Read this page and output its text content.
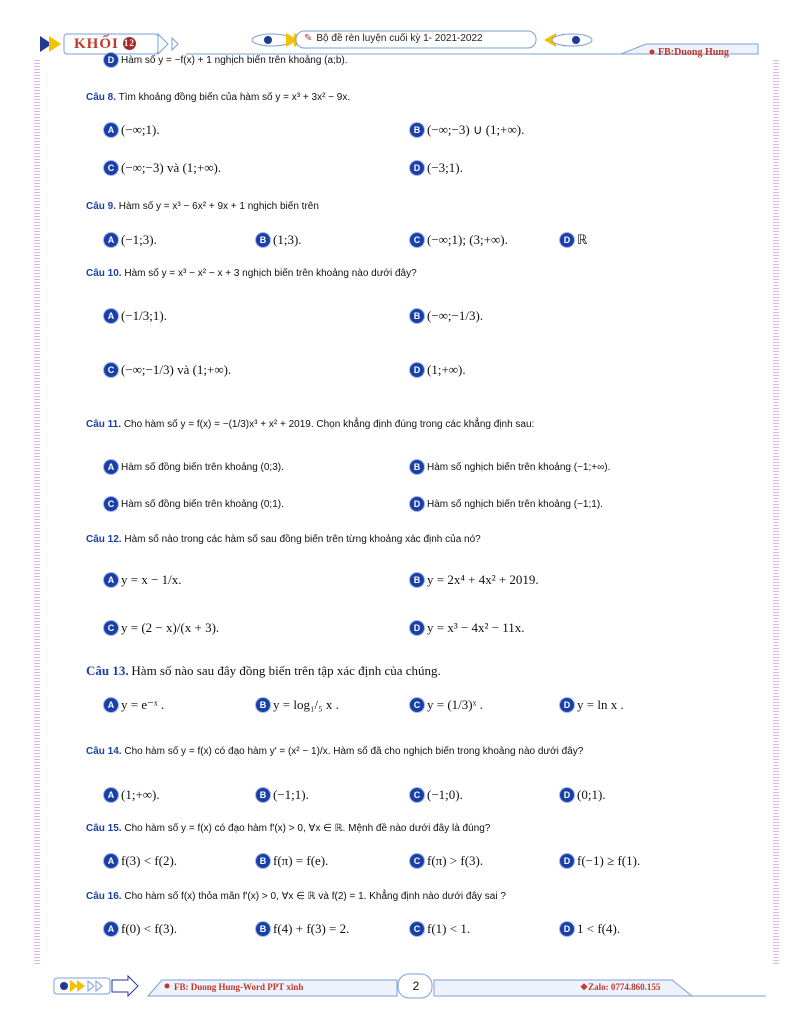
KHỐI 12	✎ Bộ đề rèn luyện cuối kỳ 1- 2021-2022
FB:Duong Hung
D Hàm số y = −f(x) + 1 nghịch biến trên khoảng (a;b).
Câu 8. Tìm khoảng đồng biến của hàm số y = x³ + 3x² − 9x.
A (−∞;1).	B (−∞;−3) ∪ (1;+∞).
C (−∞;−3) và (1;+∞).	D (−3;1).
Câu 9. Hàm số y = x³ − 6x² + 9x + 1 nghịch biến trên
A (−1;3).	B (1;3).	C (−∞;1); (3;+∞).	D ℝ
Câu 10. Hàm số y = x³ − x² − x + 3 nghịch biến trên khoảng nào dưới đây?
A (−1/3;1).	B (−∞;−1/3).
C (−∞;−1/3) và (1;+∞).	D (1;+∞).
Câu 11. Cho hàm số y = f(x) = −(1/3)x³ + x² + 2019. Chọn khẳng định đúng trong các khẳng định sau:
A Hàm số đồng biến trên khoảng (0;3).	B Hàm số nghịch biến trên khoảng (−1;+∞).
C Hàm số đồng biến trên khoảng (0;1).	D Hàm số nghịch biến trên khoảng (−1;1).
Câu 12. Hàm số nào trong các hàm số sau đồng biến trên từng khoảng xác định của nó?
A y = x − 1/x.	B y = 2x⁴ + 4x² + 2019.
C y = (2 − x)/(x + 3).	D y = x³ − 4x² − 11x.
Câu 13. Hàm số nào sau đây đồng biến trên tập xác định của chúng.
A y = e⁻ˣ .	B y = log₁/₅ x .	C y = (1/3)ˣ .	D y = ln x .
Câu 14. Cho hàm số y = f(x) có đạo hàm y′ = (x² − 1)/x. Hàm số đã cho nghịch biến trong khoảng nào dưới đây?
A (1;+∞).	B (−1;1).	C (−1;0).	D (0;1).
Câu 15. Cho hàm số y = f(x) có đạo hàm f′(x) > 0, ∀x ∈ ℝ. Mệnh đề nào dưới đây là đúng?
A f(3) < f(2).	B f(π) = f(e).	C f(π) > f(3).	D f(−1) ≥ f(1).
Câu 16. Cho hàm số f(x) thỏa mãn f′(x) > 0, ∀x ∈ ℝ và f(2) = 1. Khẳng định nào dưới đây sai ?
A f(0) < f(3).	B f(4) + f(3) = 2.	C f(1) < 1.	D 1 < f(4).
FB: Duong Hung-Word PPT xinh	2	❖Zalo: 0774.860.155
